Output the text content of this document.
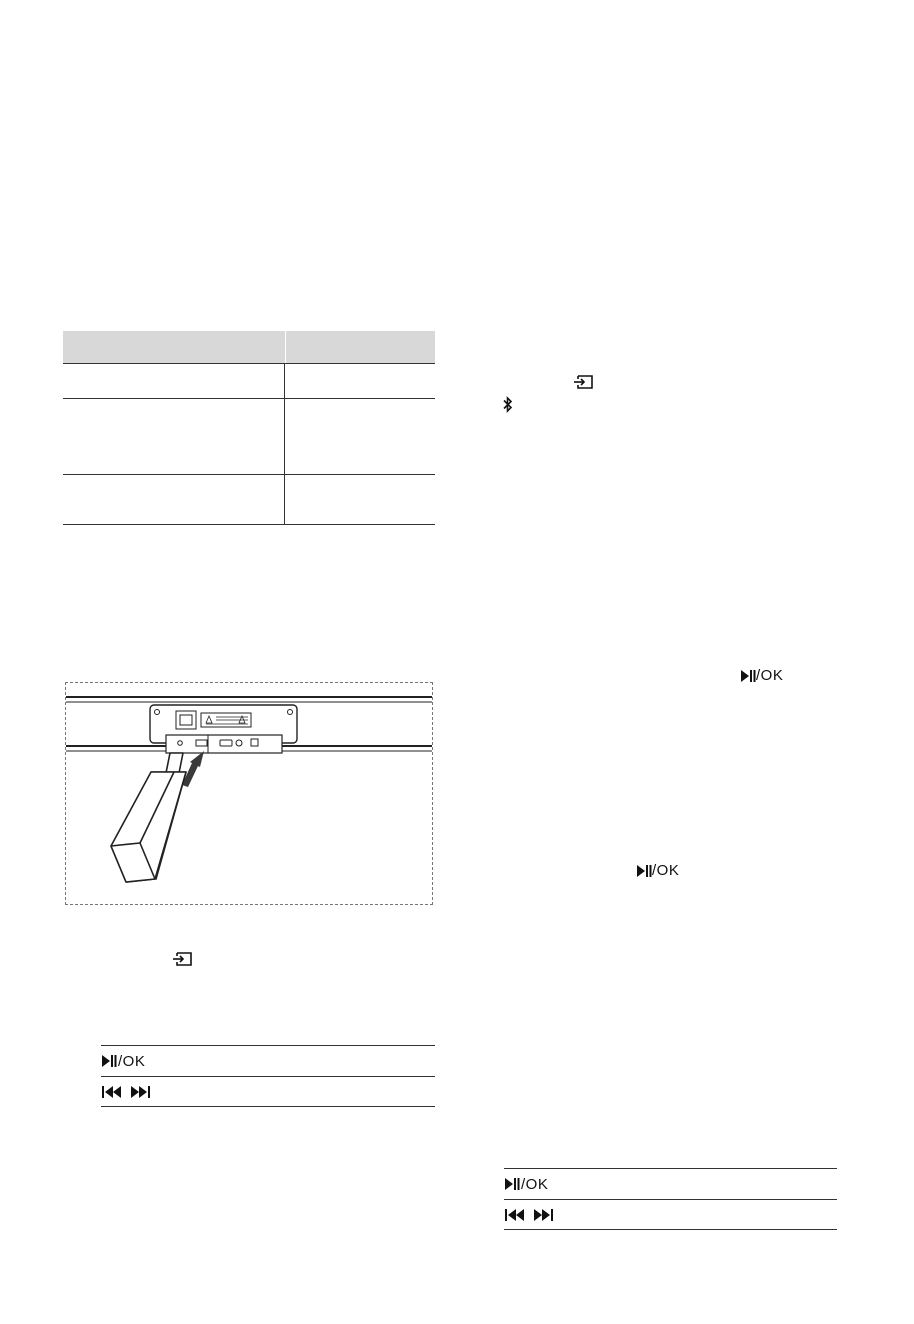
/OK
/OK
/OK
/OK
